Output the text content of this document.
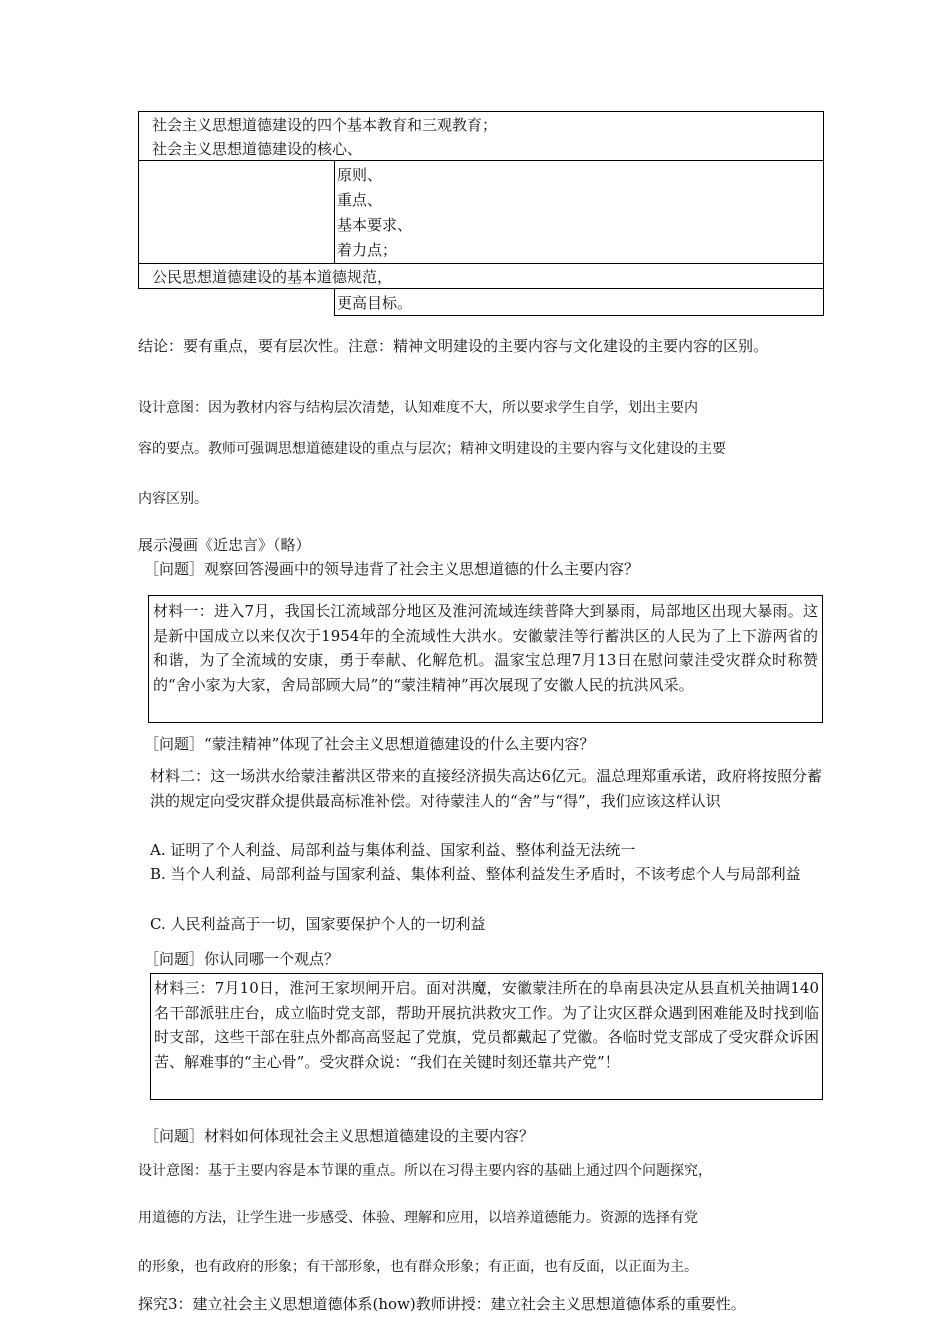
社会主义思想道德建设的四个基本教育和三观教育；
社会主义思想道德建设的核心、
原则、
重点、
基本要求、
着力点；
公民思想道德建设的基本道德规范，
更高目标。
结论：要有重点，要有层次性。注意：精神文明建设的主要内容与文化建设的主要内容的区别。
设计意图：因为教材内容与结构层次清楚，认知难度不大，所以要求学生自学，划出主要内
容的要点。教师可强调思想道德建设的重点与层次；精神文明建设的主要内容与文化建设的主要
内容区别。
展示漫画《近忠言》（略）
［问题］观察回答漫画中的领导违背了社会主义思想道德的什么主要内容？
材料一：进入7月，我国长江流域部分地区及淮河流域连续普降大到暴雨，局部地区出现大暴雨。这是新中国成立以来仅次于1954年的全流域性大洪水。安徽蒙洼等行蓄洪区的人民为了上下游两省的和谐，为了全流域的安康，勇于奉献、化解危机。温家宝总理7月13日在慰问蒙洼受灾群众时称赞的“舍小家为大家，舍局部顾大局”的“蒙洼精神”再次展现了安徽人民的抗洪风采。
［问题］“蒙洼精神”体现了社会主义思想道德建设的什么主要内容？
材料二：这一场洪水给蒙洼蓄洪区带来的直接经济损失高达6亿元。温总理郑重承诺，政府将按照分蓄洪的规定向受灾群众提供最高标准补偿。对待蒙洼人的“舍”与“得”，我们应该这样认识
A. 证明了个人利益、局部利益与集体利益、国家利益、整体利益无法统一
B. 当个人利益、局部利益与国家利益、集体利益、整体利益发生矛盾时，不该考虑个人与局部利益
C. 人民利益高于一切，国家要保护个人的一切利益
［问题］你认同哪一个观点？
材料三：7月10日，淮河王家坝闸开启。面对洪魔，安徽蒙洼所在的阜南县决定从县直机关抽调140名干部派驻庄台，成立临时党支部，帮助开展抗洪救灾工作。为了让灾区群众遇到困难能及时找到临时支部，这些干部在驻点外都高高竖起了党旗，党员都戴起了党徽。各临时党支部成了受灾群众诉困苦、解难事的“主心骨”。受灾群众说：“我们在关键时刻还靠共产党”！
［问题］材料如何体现社会主义思想道德建设的主要内容？
设计意图：基于主要内容是本节课的重点。所以在习得主要内容的基础上通过四个问题探究，
用道德的方法，让学生进一步感受、体验、理解和应用，以培养道德能力。资源的选择有党
的形象，也有政府的形象；有干部形象，也有群众形象；有正面，也有反面，以正面为主。
探究3：建立社会主义思想道德体系(how)教师讲授：建立社会主义思想道德体系的重要性。
